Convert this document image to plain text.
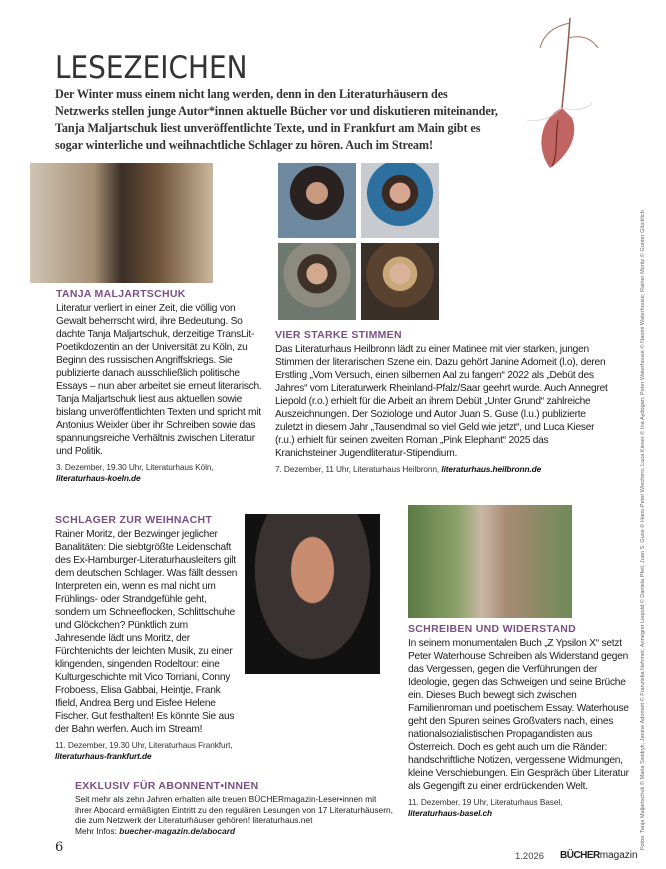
LESEZEICHEN
Der Winter muss einem nicht lang werden, denn in den Literaturhäusern des Netzwerks stellen junge Autor*innen aktuelle Bücher vor und diskutieren miteinander, Tanja Maljartschuk liest unveröffentlichte Texte, und in Frankfurt am Main gibt es sogar winterliche und weihnachtliche Schlager zu hören. Auch im Stream!
TANJA MALJARTSCHUK

Literatur verliert in einer Zeit, die völlig von Gewalt beherrscht wird, ihre Bedeutung. So dachte Tanja Maljartschuk, derzeitige TransLit-Poetikdozentin an der Universität zu Köln, zu Beginn des russischen Angriffskriegs. Sie publizierte danach ausschließlich politische Essays – nun aber arbeitet sie erneut literarisch. Tanja Maljartschuk liest aus aktuellen sowie bislang unveröffentlichten Texten und spricht mit Antonius Weixler über ihr Schreiben sowie das spannungsreiche Verhältnis zwischen Literatur und Politik.

3. Dezember, 19.30 Uhr, Literaturhaus Köln,
literaturhaus-koeln.de
VIER STARKE STIMMEN

Das Literaturhaus Heilbronn lädt zu einer Matinee mit vier starken, jungen Stimmen der literarischen Szene ein. Dazu gehört Janine Adomeit (l.o), deren Erstling „Vom Versuch, einen silbernen Aal zu fangen“ 2022 als „Debüt des Jahres“ vom Literaturwerk Rheinland-Pfalz/Saar geehrt wurde. Auch Annegret Liepold (r.o.) erhielt für die Arbeit an ihrem Debüt „Unter Grund“ zahlreiche Auszeichnungen. Der Soziologe und Autor Juan S. Guse (l.u.) publizierte zuletzt in diesem Jahr „Tausendmal so viel Geld wie jetzt“, und Luca Kieser (r.u.) erhielt für seinen zweiten Roman „Pink Elephant“ 2025 das Kranichsteiner Jugendliteratur-Stipendium.

7. Dezember, 11 Uhr, Literaturhaus Heilbronn, literaturhaus.heilbronn.de
SCHLAGER ZUR WEIHNACHT

Rainer Moritz, der Bezwinger jeglicher Banalitäten: Die siebtgrößte Leidenschaft des Ex-Hamburger-Literaturhausleiters gilt dem deutschen Schlager. Was fällt dessen Interpreten ein, wenn es mal nicht um Frühlings- oder Strandgefühle geht, sondern um Schneeflocken, Schlittschuhe und Glöckchen? Pünktlich zum Jahresende lädt uns Moritz, der Fürchtenichts der leichten Musik, zu einer klingenden, singenden Rodeltour: eine Kulturgeschichte mit Vico Torriani, Conny Froboess, Elisa Gabbai, Heintje, Frank Ifield, Andrea Berg und Eisfee Helene Fischer. Gut festhalten! Es könnte Sie aus der Bahn werfen. Auch im Stream!

11. Dezember, 19.30 Uhr, Literaturhaus Frankfurt, literaturhaus-frankfurt.de
SCHREIBEN UND WIDERSTAND

In seinem monumentalen Buch „Z Ypsilon X“ setzt Peter Waterhouse Schreiben als Widerstand gegen das Vergessen, gegen die Verführungen der Ideologie, gegen das Schweigen und seine Brüche ein. Dieses Buch bewegt sich zwischen Familienroman und poetischem Essay. Waterhouse geht den Spuren seines Großvaters nach, eines nationalsozialistischen Propagandisten aus Österreich. Doch es geht auch um die Ränder: handschriftliche Notizen, vergessene Widmungen, kleine Verschiebungen. Ein Gespräch über Literatur als Gegengift zu einer erdrückenden Welt.

11. Dezember, 19 Uhr, Literaturhaus Basel,
literaturhaus-basel.ch
EXKLUSIV FÜR ABONNENT•INNEN

Seit mehr als zehn Jahren erhalten alle treuen BÜCHERmagazin-Leser•innen mit ihrer Abocard ermäßigten Eintritt zu den regulären Lesungen von 17 Literaturhäusern, die zum Netzwerk der Literaturhäuser gehören! literaturhaus.net

Mehr Infos: buecher-magazin.de/abocard	Fotos: Tanja Maljartschuk © Maria Swidryk; Janine Adomeit © Franziska Nehmer; Annegret Liepold © Daniela Pfeil; Juan S. Guse © Hans-Peter Wiechers; Luca Kieser © Ina Aydogan; Peter Waterhouse © Naomi Waterhouse; Rainer Moritz © Gunter Glücklich
6
1.2026 BÜCHERmagazin
